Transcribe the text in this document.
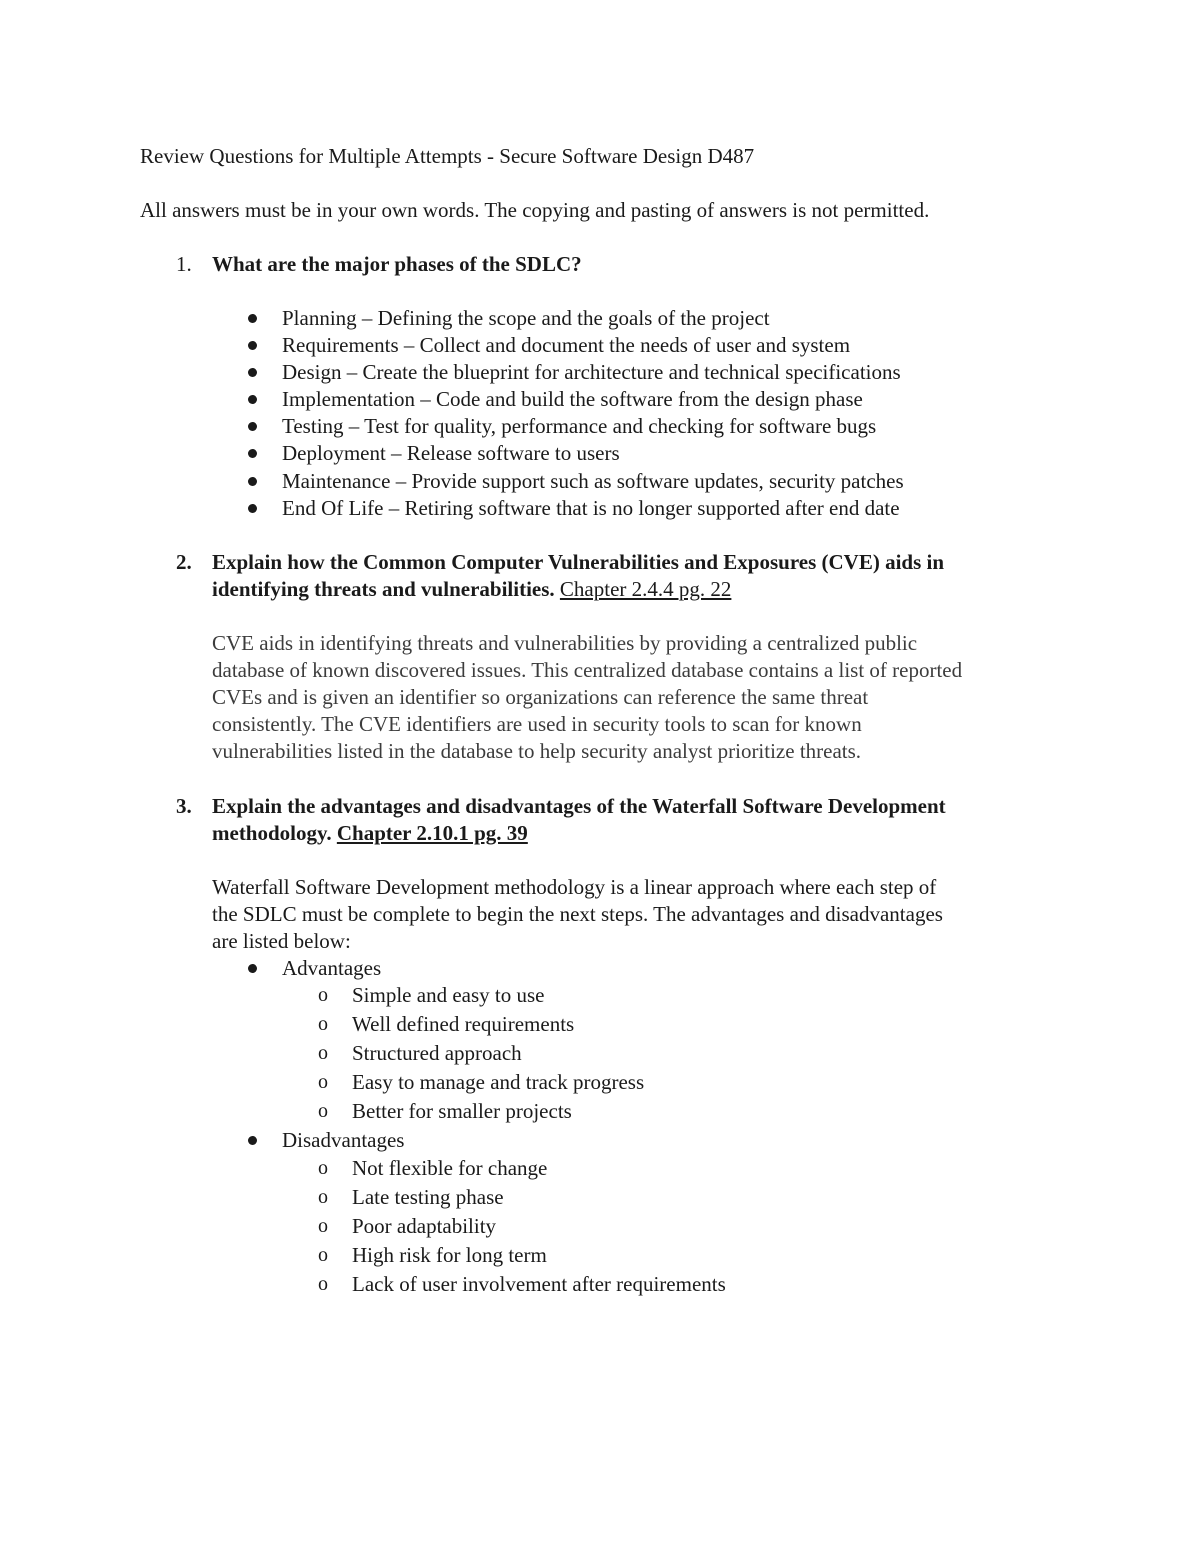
Review Questions for Multiple Attempts - Secure Software Design D487
All answers must be in your own words. The copying and pasting of answers is not permitted.
1. What are the major phases of the SDLC?
Planning – Defining the scope and the goals of the project
Requirements – Collect and document the needs of user and system
Design – Create the blueprint for architecture and technical specifications
Implementation – Code and build the software from the design phase
Testing – Test for quality, performance and checking for software bugs
Deployment – Release software to users
Maintenance – Provide support such as software updates, security patches
End Of Life – Retiring software that is no longer supported after end date
2. Explain how the Common Computer Vulnerabilities and Exposures (CVE) aids in
identifying threats and vulnerabilities. Chapter 2.4.4 pg. 22
CVE aids in identifying threats and vulnerabilities by providing a centralized public
database of known discovered issues. This centralized database contains a list of reported
CVEs and is given an identifier so organizations can reference the same threat
consistently. The CVE identifiers are used in security tools to scan for known
vulnerabilities listed in the database to help security analyst prioritize threats.
3. Explain the advantages and disadvantages of the Waterfall Software Development
methodology. Chapter 2.10.1 pg. 39
Waterfall Software Development methodology is a linear approach where each step of
the SDLC must be complete to begin the next steps. The advantages and disadvantages
are listed below:
Advantages
o Simple and easy to use
o Well defined requirements
o Structured approach
o Easy to manage and track progress
o Better for smaller projects
Disadvantages
o Not flexible for change
o Late testing phase
o Poor adaptability
o High risk for long term
o Lack of user involvement after requirements
